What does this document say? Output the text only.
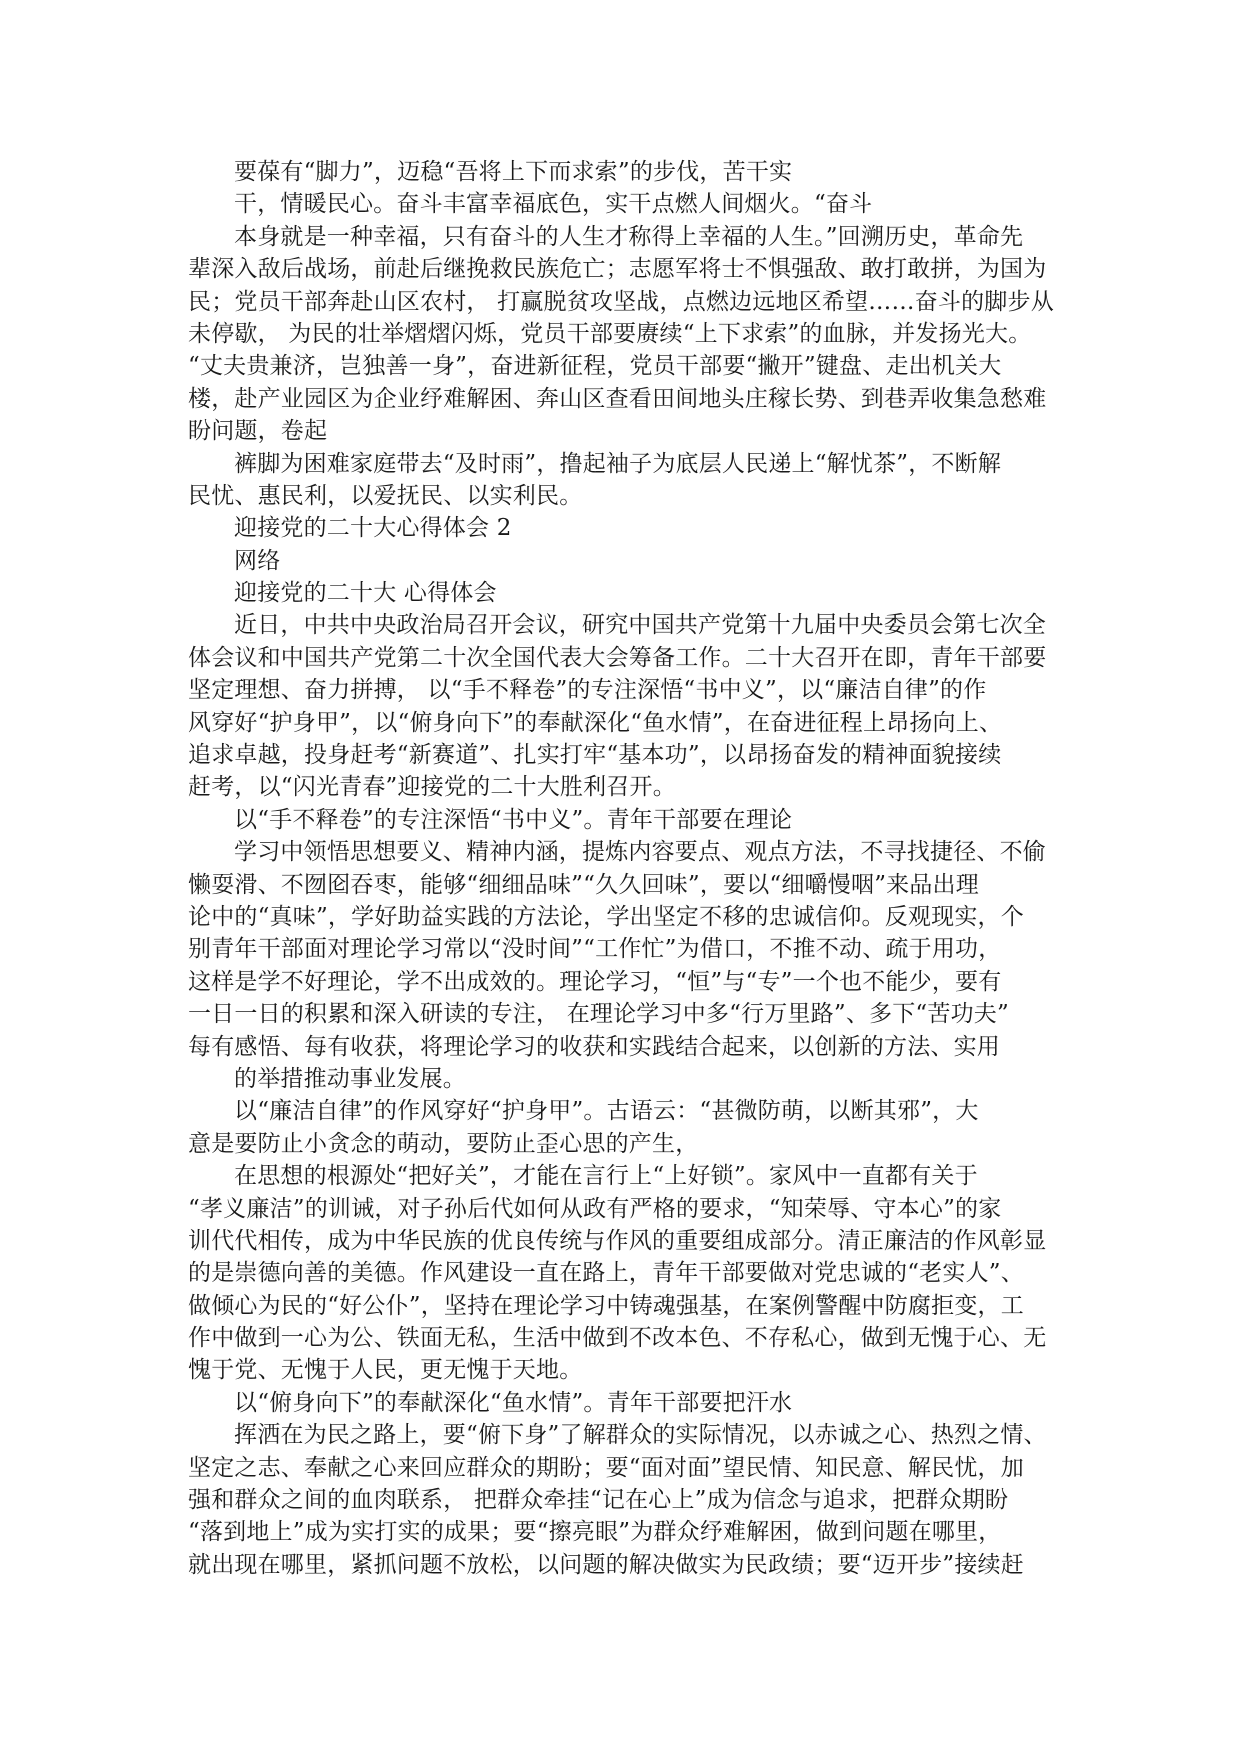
要葆有“脚力”，迈稳“吾将上下而求索”的步伐，苦干实
干，情暖民心。奋斗丰富幸福底色，实干点燃人间烟火。“奋斗
本身就是一种幸福，只有奋斗的人生才称得上幸福的人生。”回溯历史，革命先
辈深入敌后战场，前赴后继挽救民族危亡；志愿军将士不惧强敌、敢打敢拼，为国为
民；党员干部奔赴山区农村， 打赢脱贫攻坚战，点燃边远地区希望……奋斗的脚步从
未停歇， 为民的壮举熠熠闪烁，党员干部要赓续“上下求索”的血脉，并发扬光大。
“丈夫贵兼济，岂独善一身”，奋进新征程，党员干部要“撇开”键盘、走出机关大
楼，赴产业园区为企业纾难解困、奔山区查看田间地头庄稼长势、到巷弄收集急愁难
盼问题，卷起
裤脚为困难家庭带去“及时雨”，撸起袖子为底层人民递上“解忧茶”，不断解
民忧、惠民利，以爱抚民、以实利民。
迎接党的二十大心得体会 2
网络
迎接党的二十大 心得体会
近日，中共中央政治局召开会议，研究中国共产党第十九届中央委员会第七次全
体会议和中国共产党第二十次全国代表大会筹备工作。二十大召开在即，青年干部要
坚定理想、奋力拼搏， 以“手不释卷”的专注深悟“书中义”，以“廉洁自律”的作
风穿好“护身甲”，以“俯身向下”的奉献深化“鱼水情”，在奋进征程上昂扬向上、
追求卓越，投身赶考“新赛道”、扎实打牢“基本功”，以昂扬奋发的精神面貌接续
赶考，以“闪光青春”迎接党的二十大胜利召开。
以“手不释卷”的专注深悟“书中义”。青年干部要在理论
学习中领悟思想要义、精神内涵，提炼内容要点、观点方法，不寻找捷径、不偷
懒耍滑、不囫囵吞枣，能够“细细品味”“久久回味”，要以“细嚼慢咽”来品出理
论中的“真味”，学好助益实践的方法论，学出坚定不移的忠诚信仰。反观现实，个
别青年干部面对理论学习常以“没时间”“工作忙”为借口，不推不动、疏于用功，
这样是学不好理论，学不出成效的。理论学习，“恒”与“专”一个也不能少，要有
一日一日的积累和深入研读的专注， 在理论学习中多“行万里路”、多下“苦功夫”
每有感悟、每有收获，将理论学习的收获和实践结合起来，以创新的方法、实用
的举措推动事业发展。
以“廉洁自律”的作风穿好“护身甲”。古语云：“甚微防萌，以断其邪”，大
意是要防止小贪念的萌动，要防止歪心思的产生，
在思想的根源处“把好关”，才能在言行上“上好锁”。家风中一直都有关于
“孝义廉洁”的训诫，对子孙后代如何从政有严格的要求，“知荣辱、守本心”的家
训代代相传，成为中华民族的优良传统与作风的重要组成部分。清正廉洁的作风彰显
的是崇德向善的美德。作风建设一直在路上，青年干部要做对党忠诚的“老实人”、
做倾心为民的“好公仆”，坚持在理论学习中铸魂强基，在案例警醒中防腐拒变，工
作中做到一心为公、铁面无私，生活中做到不改本色、不存私心，做到无愧于心、无
愧于党、无愧于人民，更无愧于天地。
以“俯身向下”的奉献深化“鱼水情”。青年干部要把汗水
挥洒在为民之路上，要“俯下身”了解群众的实际情况，以赤诚之心、热烈之情、
坚定之志、奉献之心来回应群众的期盼；要“面对面”望民情、知民意、解民忧，加
强和群众之间的血肉联系， 把群众牵挂“记在心上”成为信念与追求，把群众期盼
“落到地上”成为实打实的成果；要“擦亮眼”为群众纾难解困，做到问题在哪里，
就出现在哪里，紧抓问题不放松，以问题的解决做实为民政绩；要“迈开步”接续赶
